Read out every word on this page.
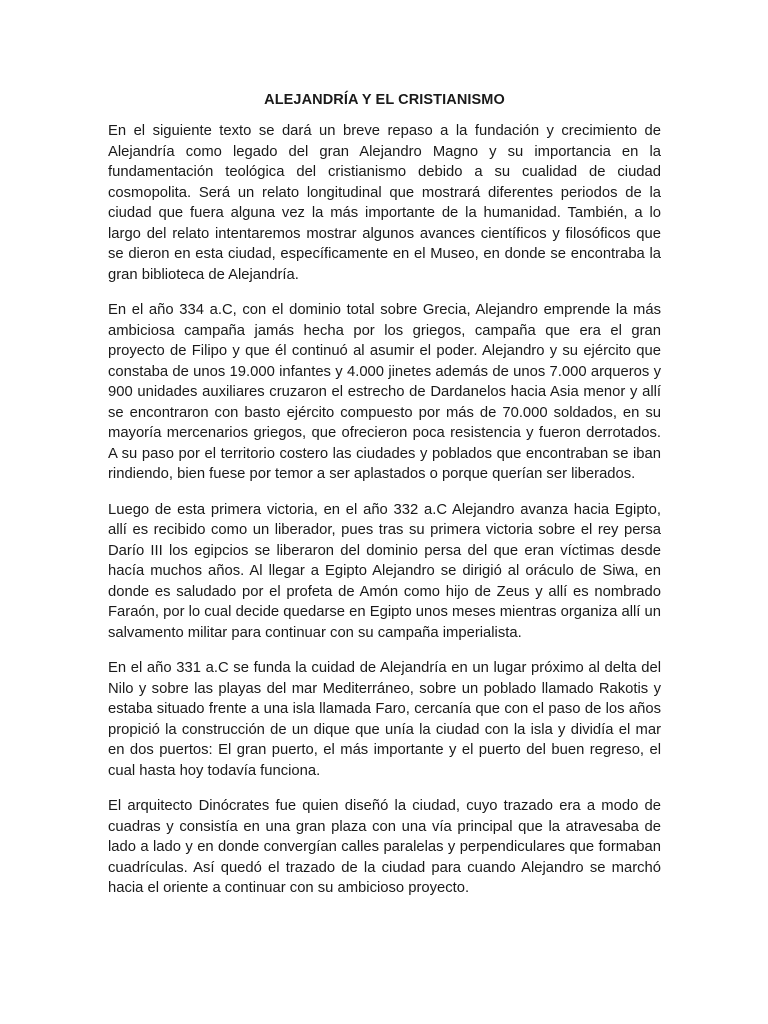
ALEJANDRÍA Y EL CRISTIANISMO

En el siguiente texto se dará un breve repaso a la fundación y crecimiento de Alejandría como legado del gran Alejandro Magno y su importancia en la fundamentación teológica del cristianismo debido a su cualidad de ciudad cosmopolita. Será un relato longitudinal que mostrará diferentes periodos de la ciudad que fuera alguna vez la más importante de la humanidad. También, a lo largo del relato intentaremos mostrar algunos avances científicos y filosóficos que se dieron en esta ciudad, específicamente en el Museo, en donde se encontraba la gran biblioteca de Alejandría.

En el año 334 a.C, con el dominio total sobre Grecia, Alejandro emprende la más ambiciosa campaña jamás hecha por los griegos, campaña que era el gran proyecto de Filipo y que él continuó al asumir el poder. Alejandro y su ejército que constaba de unos 19.000 infantes y 4.000 jinetes además de unos 7.000 arqueros y 900 unidades auxiliares cruzaron el estrecho de Dardanelos hacia Asia menor y allí se encontraron con basto ejército compuesto por más de 70.000 soldados, en su mayoría mercenarios griegos, que ofrecieron poca resistencia y fueron derrotados. A su paso por el territorio costero las ciudades y poblados que encontraban se iban rindiendo, bien fuese por temor a ser aplastados o porque querían ser liberados.

Luego de esta primera victoria, en el año 332 a.C Alejandro avanza hacia Egipto, allí es recibido como un liberador, pues tras su primera victoria sobre el rey persa Darío III los egipcios se liberaron del dominio persa del que eran víctimas desde hacía muchos años. Al llegar a Egipto Alejandro se dirigió al oráculo de Siwa, en donde es saludado por el profeta de Amón como hijo de Zeus y allí es nombrado Faraón, por lo cual decide quedarse en Egipto unos meses mientras organiza allí un salvamento militar para continuar con su campaña imperialista.

En el año 331 a.C se funda la cuidad de Alejandría en un lugar próximo al delta del Nilo y sobre las playas del mar Mediterráneo, sobre un poblado llamado Rakotis y estaba situado frente a una isla llamada Faro, cercanía que con el paso de los años propició la construcción de un dique que unía la ciudad con la isla y dividía el mar en dos puertos: El gran puerto, el más importante y el puerto del buen regreso, el cual hasta hoy todavía funciona.

El arquitecto Dinócrates fue quien diseñó la ciudad, cuyo trazado era a modo de cuadras y consistía en una gran plaza con una vía principal que la atravesaba de lado a lado y en donde convergían calles paralelas y perpendiculares que formaban cuadrículas. Así quedó el trazado de la ciudad para cuando Alejandro se marchó hacia el oriente a continuar con su ambicioso proyecto.
